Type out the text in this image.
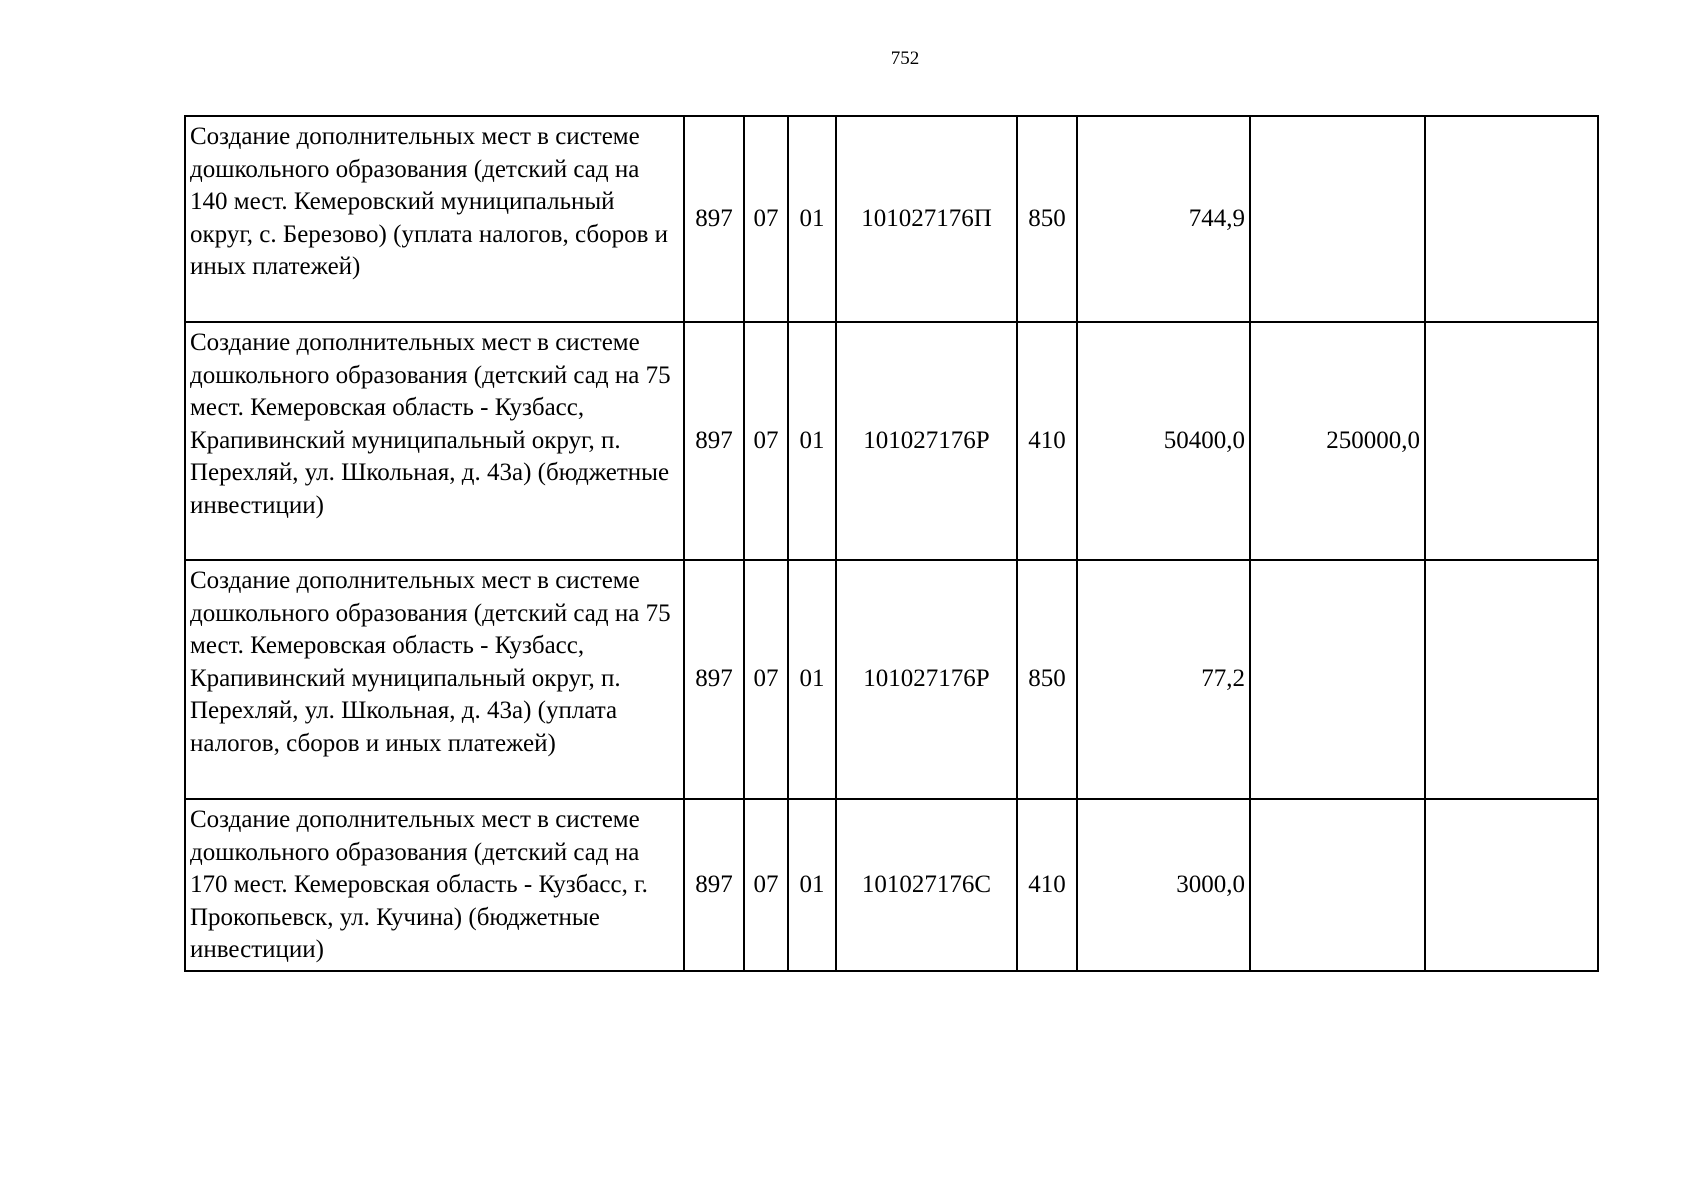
752
Создание дополнительных мест в системе дошкольного образования (детский сад на 140 мест. Кемеровский муниципальный округ, с. Березово) (уплата налогов, сборов и иных платежей)	897	07	01	101027176П	850	744,9		
Создание дополнительных мест в системе дошкольного образования (детский сад на 75 мест. Кемеровская область - Кузбасс, Крапивинский муниципальный округ, п. Перехляй, ул. Школьная, д. 43а) (бюджетные инвестиции)	897	07	01	101027176Р	410	50400,0	250000,0	
Создание дополнительных мест в системе дошкольного образования (детский сад на 75 мест. Кемеровская область - Кузбасс, Крапивинский муниципальный округ, п. Перехляй, ул. Школьная, д. 43а) (уплата налогов, сборов и иных платежей)	897	07	01	101027176Р	850	77,2		
Создание дополнительных мест в системе дошкольного образования (детский сад на 170 мест. Кемеровская область - Кузбасс, г. Прокопьевск, ул. Кучина) (бюджетные инвестиции)	897	07	01	101027176С	410	3000,0		
